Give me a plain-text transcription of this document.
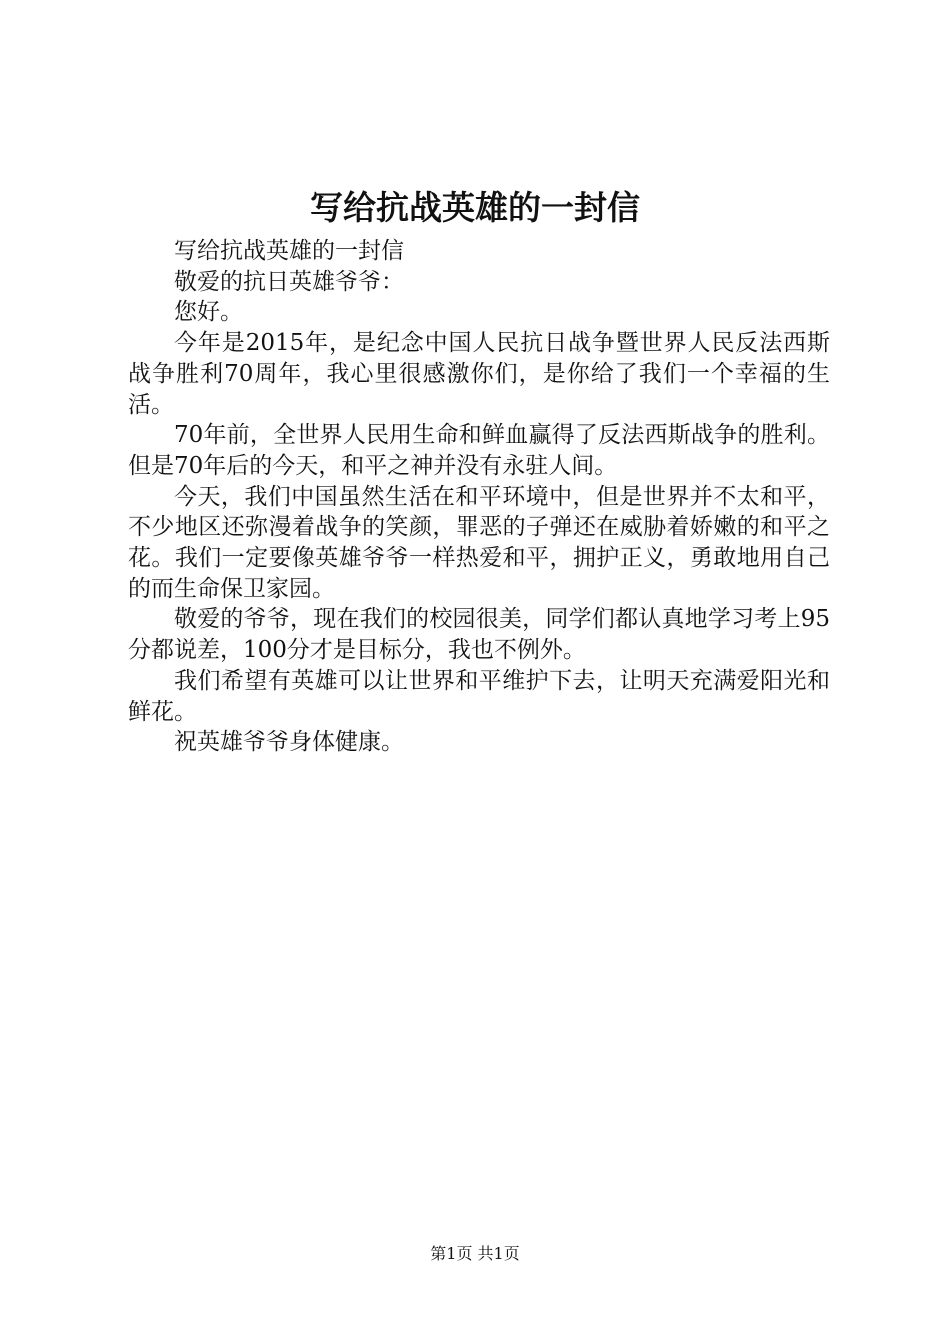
写给抗战英雄的一封信

写给抗战英雄的一封信

敬爱的抗日英雄爷爷：

您好。

今年是2015年，是纪念中国人民抗日战争暨世界人民反法西斯战争胜利70周年，我心里很感激你们，是你给了我们一个幸福的生活。

70年前，全世界人民用生命和鲜血赢得了反法西斯战争的胜利。但是70年后的今天，和平之神并没有永驻人间。

今天，我们中国虽然生活在和平环境中，但是世界并不太和平，不少地区还弥漫着战争的笑颜，罪恶的子弹还在威胁着娇嫩的和平之花。我们一定要像英雄爷爷一样热爱和平，拥护正义，勇敢地用自己的而生命保卫家园。

敬爱的爷爷，现在我们的校园很美，同学们都认真地学习考上95分都说差，100分才是目标分，我也不例外。

我们希望有英雄可以让世界和平维护下去，让明天充满爱阳光和鲜花。

祝英雄爷爷身体健康。

第1页 共1页
